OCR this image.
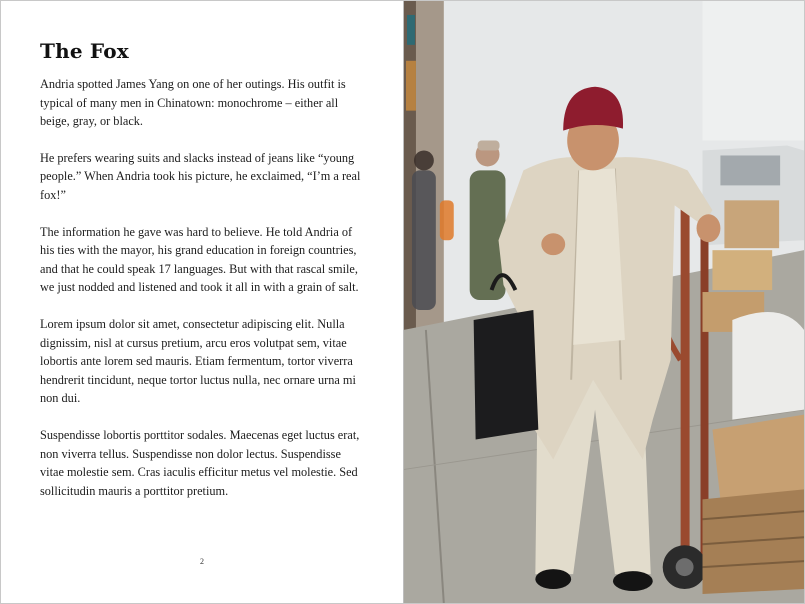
The Fox

Andria spotted James Yang on one of her outings. His outfit is typical of many men in Chinatown: monochrome – either all beige, gray, or black.

He prefers wearing suits and slacks instead of jeans like “young people.” When Andria took his picture, he exclaimed, “I’m a real fox!”

The information he gave was hard to believe. He told Andria of his ties with the mayor, his grand education in foreign countries, and that he could speak 17 languages. But with that rascal smile, we just nodded and listened and took it all in with a grain of salt.

Lorem ipsum dolor sit amet, consectetur adipiscing elit. Nulla dignissim, nisl at cursus pretium, arcu eros volutpat sem, vitae lobortis ante lorem sed mauris. Etiam fermentum, tortor viverra hendrerit tincidunt, neque tortor luctus nulla, nec ornare urna mi non dui.

Suspendisse lobortis porttitor sodales. Maecenas eget luctus erat, non viverra tellus. Suspendisse non dolor lectus. Suspendisse vitae molestie sem. Cras iaculis efficitur metus vel molestie. Sed sollicitudin mauris a porttitor pretium.

2
